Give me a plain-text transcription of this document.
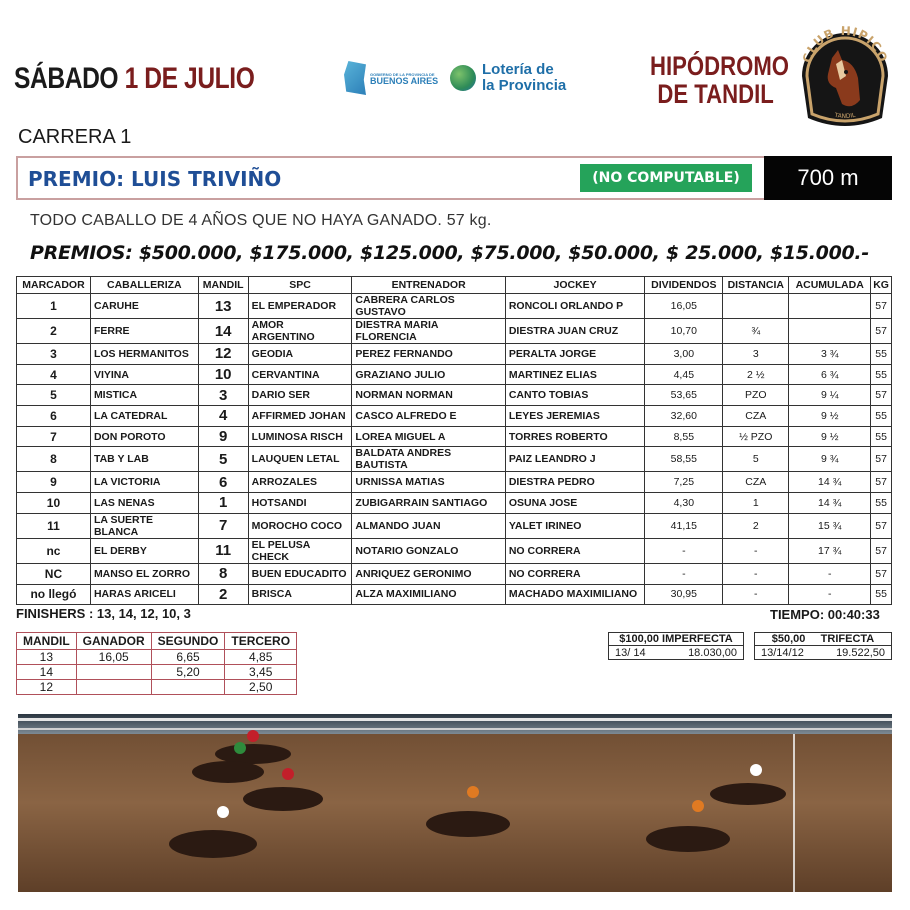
SÁBADO 1 DE JULIO	GOBIERNO DE LA PROVINCIA DE
BUENOS AIRES
Lotería de
la Provincia
HIPÓDROMO
DE TANDIL
CLUB HIPICO
TANDIL
CARRERA 1
PREMIO: LUIS TRIVIÑO	(NO COMPUTABLE)	700 m
TODO CABALLO DE 4 AÑOS QUE NO HAYA GANADO. 57 kg.
PREMIOS: $500.000, $175.000, $125.000, $75.000, $50.000, $ 25.000, $15.000.-
MARCADOR	CABALLERIZA	MANDIL	SPC	ENTRENADOR	JOCKEY	DIVIDENDOS	DISTANCIA	ACUMULADA	KG
1	CARUHE	13	EL EMPERADOR	CABRERA CARLOS GUSTAVO	RONCOLI ORLANDO P	16,05			57
2	FERRE	14	AMOR ARGENTINO	DIESTRA MARIA FLORENCIA	DIESTRA JUAN CRUZ	10,70	¾		57
3	LOS HERMANITOS	12	GEODIA	PEREZ FERNANDO	PERALTA JORGE	3,00	3	3 ¾	55
4	VIYINA	10	CERVANTINA	GRAZIANO JULIO	MARTINEZ ELIAS	4,45	2 ½	6 ¾	55
5	MISTICA	3	DARIO SER	NORMAN NORMAN	CANTO TOBIAS	53,65	PZO	9 ¼	57
6	LA CATEDRAL	4	AFFIRMED JOHAN	CASCO ALFREDO E	LEYES JEREMIAS	32,60	CZA	9 ½	55
7	DON POROTO	9	LUMINOSA RISCH	LOREA MIGUEL A	TORRES ROBERTO	8,55	½ PZO	9 ½	55
8	TAB Y LAB	5	LAUQUEN LETAL	BALDATA ANDRES BAUTISTA	PAIZ LEANDRO J	58,55	5	9 ¾	57
9	LA VICTORIA	6	ARROZALES	URNISSA MATIAS	DIESTRA PEDRO	7,25	CZA	14 ¾	57
10	LAS NENAS	1	HOTSANDI	ZUBIGARRAIN SANTIAGO	OSUNA JOSE	4,30	1	14 ¾	55
11	LA SUERTE BLANCA	7	MOROCHO COCO	ALMANDO JUAN	YALET IRINEO	41,15	2	15 ¾	57
nc	EL DERBY	11	EL PELUSA CHECK	NOTARIO GONZALO	NO CORRERA	-	-	17 ¾	57
NC	MANSO EL ZORRO	8	BUEN EDUCADITO	ANRIQUEZ GERONIMO	NO CORRERA	-	-	-	57
no llegó	HARAS ARICELI	2	BRISCA	ALZA MAXIMILIANO	MACHADO MAXIMILIANO	30,95	-	-	55
FINISHERS : 13, 14, 12, 10, 3	TIEMPO: 00:40:33
MANDIL	GANADOR	SEGUNDO	TERCERO
13	16,05	6,65	4,85
14		5,20	3,45
12			2,50
$100,00 IMPERFECTA
13/ 14	18.030,00
$50,00 TRIFECTA
13/14/12	19.522,50
